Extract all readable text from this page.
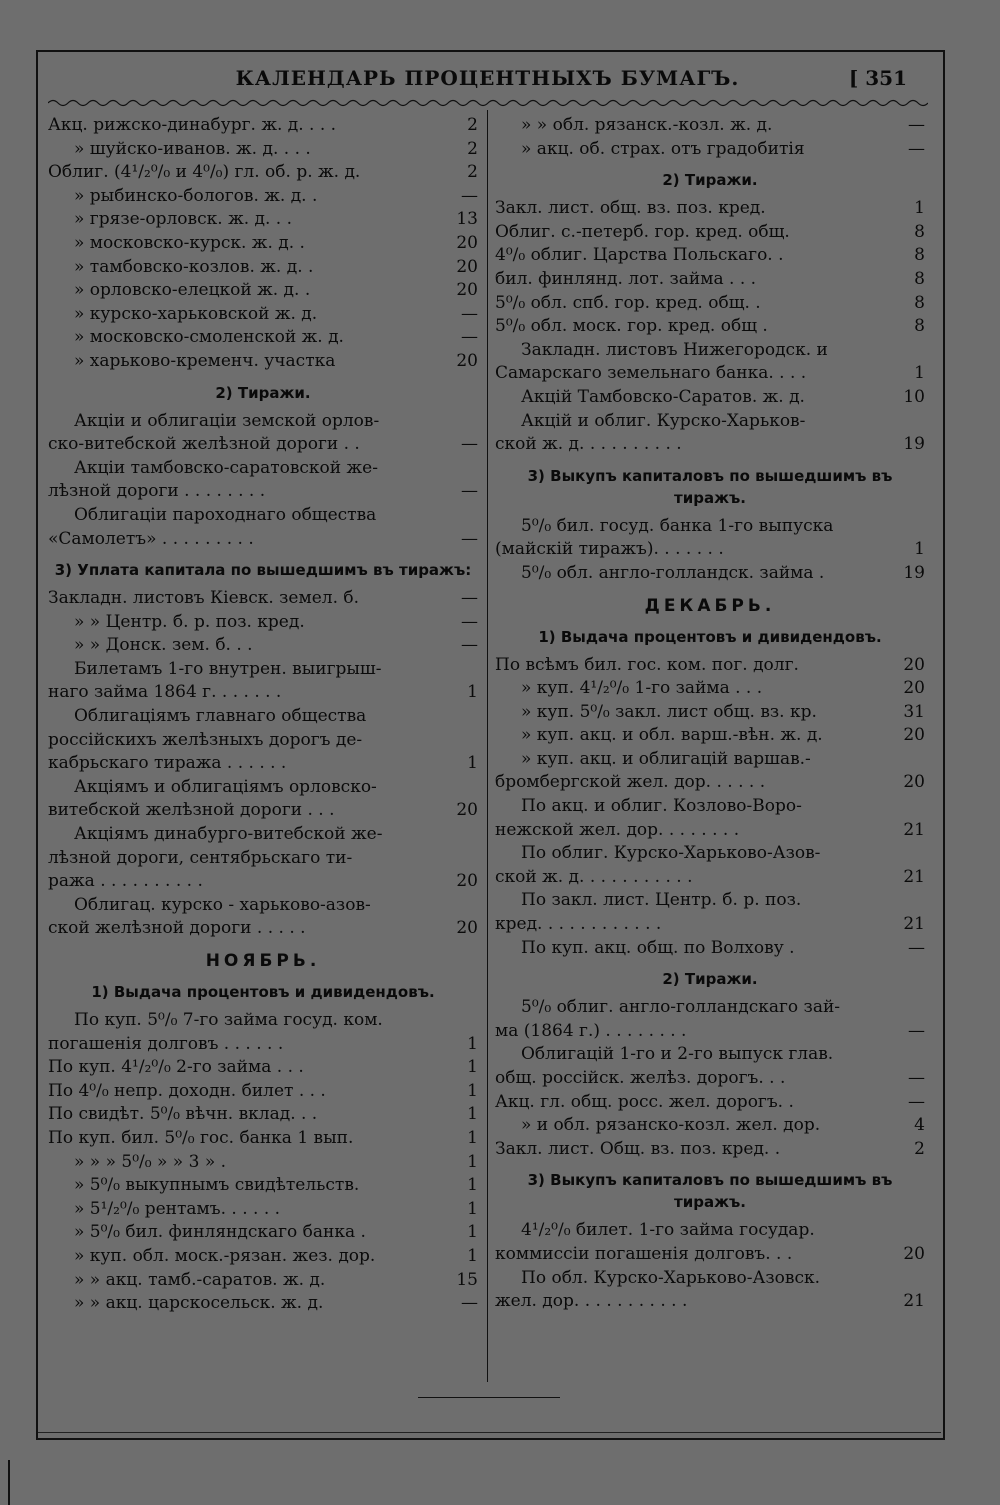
КАЛЕНДАРЬ ПРОЦЕНТНЫХЪ БУМАГЪ.	[ 351
Акц. рижско-динабург. ж. д. . . .	2
» шуйско-иванов. ж. д. . . .	2
Облиг. (4¹/₂⁰/₀ и 4⁰/₀) гл. об. р. ж. д.	2
» рыбинско-бологов. ж. д. .	—
» грязе-орловск. ж. д. . .	13
» московско-курск. ж. д. .	20
» тамбовско-козлов. ж. д. .	20
» орловско-елецкой ж. д. .	20
» курско-харьковской ж. д.	—
» московско-смоленской ж. д.	—
» харьково-кременч. участка	20
2) Тиражи.
Акціи и облигаціи земской орлов-
ско-витебской желѣзной дороги . .	—
Акціи тамбовско-саратовской же-
лѣзной дороги . . . . . . . .	—
Облигаціи пароходнаго общества
«Самолетъ» . . . . . . . . .	—
3) Уплата капитала по вышедшимъ въ тиражъ:
Закладн. листовъ Кіевск. земел. б.	—
» » Центр. б. р. поз. кред.	—
» » Донск. зем. б. . .	—
Билетамъ 1-го внутрен. выигрыш-
наго займа 1864 г. . . . . . .	1
Облигаціямъ главнаго общества
россійскихъ желѣзныхъ дорогъ де-
кабрьскаго тиража . . . . . .	1
Акціямъ и облигаціямъ орловско-
витебской желѣзной дороги . . .	20
Акціямъ динабурго-витебской же-
лѣзной дороги, сентябрьскаго ти-
ража . . . . . . . . . .	20
Облигац. курско - харьково-азов-
ской желѣзной дороги . . . . .	20
НОЯБРЬ.
1) Выдача процентовъ и дивидендовъ.
По куп. 5⁰/₀ 7-го займа госуд. ком.
погашенія долговъ . . . . . .	1
По куп. 4¹/₂⁰/₀ 2-го займа . . .	1
По 4⁰/₀ непр. доходн. билет . . .	1
По свидѣт. 5⁰/₀ вѣчн. вклад. . .	1
По куп. бил. 5⁰/₀ гос. банка 1 вып.	1
» » » 5⁰/₀ » » 3 » .	1
» 5⁰/₀ выкупнымъ свидѣтельств.	1
» 5¹/₂⁰/₀ рентамъ. . . . . .	1
» 5⁰/₀ бил. финляндскаго банка .	1
» куп. обл. моск.-рязан. жез. дор.	1
» » акц. тамб.-саратов. ж. д.	15
» » акц. царскосельск. ж. д.	—
» » обл. рязанск.-козл. ж. д.	—
» акц. об. страх. отъ градобитія	—
2) Тиражи.
Закл. лист. общ. вз. поз. кред.	1
Облиг. с.-петерб. гор. кред. общ.	8
4⁰/₀ облиг. Царства Польскаго. .	8
бил. финлянд. лот. займа . . .	8
5⁰/₀ обл. спб. гор. кред. общ. .	8
5⁰/₀ обл. моск. гор. кред. общ .	8
Закладн. листовъ Нижегородск. и
Самарскаго земельнаго банка. . . .	1
Акцій Тамбовско-Саратов. ж. д.	10
Акцій и облиг. Курско-Харьков-
ской ж. д. . . . . . . . . .	19
3) Выкупъ капиталовъ по вышедшимъ въ тиражъ.
5⁰/₀ бил. госуд. банка 1-го выпуска
(майскій тиражъ). . . . . . .	1
5⁰/₀ обл. англо-голландск. займа .	19
ДЕКАБРЬ.
1) Выдача процентовъ и дивидендовъ.
По всѣмъ бил. гос. ком. пог. долг.	20
» куп. 4¹/₂⁰/₀ 1-го займа . . .	20
» куп. 5⁰/₀ закл. лист общ. вз. кр.	31
» куп. акц. и обл. варш.-вѣн. ж. д.	20
» куп. акц. и облигацій варшав.-
бромбергской жел. дор. . . . . .	20
По акц. и облиг. Козлово-Воро-
нежской жел. дор. . . . . . . .	21
По облиг. Курско-Харьково-Азов-
ской ж. д. . . . . . . . . . .	21
По закл. лист. Центр. б. р. поз.
кред. . . . . . . . . . . .	21
По куп. акц. общ. по Волхову .	—
2) Тиражи.
5⁰/₀ облиг. англо-голландскаго зай-
ма (1864 г.) . . . . . . . .	—
Облигацій 1-го и 2-го выпуск глав.
общ. россійск. желѣз. дорогъ. . .	—
Акц. гл. общ. росс. жел. дорогъ. .	—
» и обл. рязанско-козл. жел. дор.	4
Закл. лист. Общ. вз. поз. кред. .	2
3) Выкупъ капиталовъ по вышедшимъ въ тиражъ.
4¹/₂⁰/₀ билет. 1-го займа государ.
коммиссіи погашенія долговъ. . .	20
По обл. Курско-Харьково-Азовск.
жел. дор. . . . . . . . . . .	21
